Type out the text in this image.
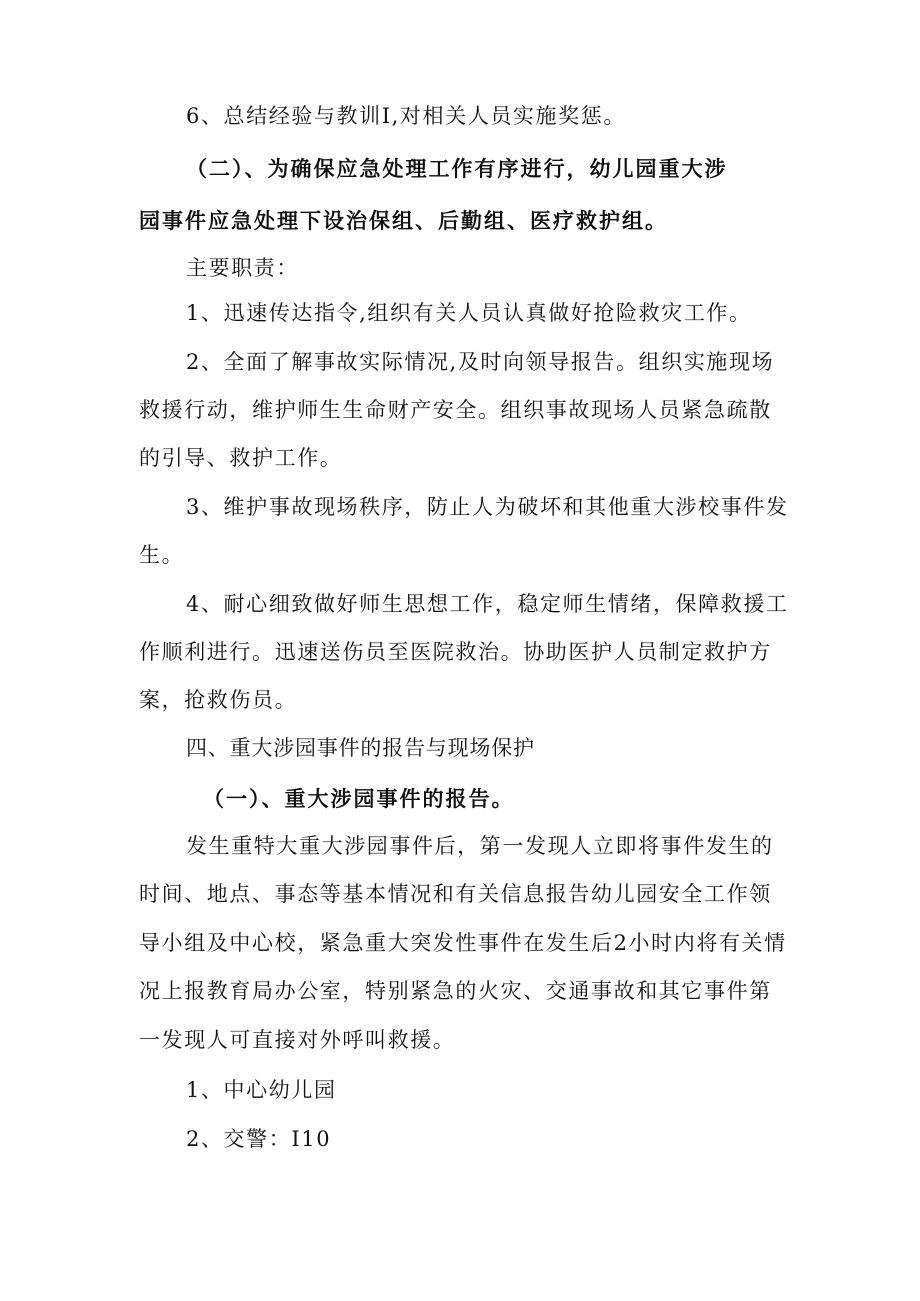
6、总结经验与教训I,对相关人员实施奖惩。
（二）、为确保应急处理工作有序进行，幼儿园重大涉
园事件应急处理下设治保组、后勤组、医疗救护组。
主要职责：
1、迅速传达指令,组织有关人员认真做好抢险救灾工作。
2、全面了解事故实际情况,及时向领导报告。组织实施现场
救援行动，维护师生生命财产安全。组织事故现场人员紧急疏散
的引导、救护工作。
3、维护事故现场秩序，防止人为破坏和其他重大涉校事件发
生。
4、耐心细致做好师生思想工作，稳定师生情绪，保障救援工
作顺利进行。迅速送伤员至医院救治。协助医护人员制定救护方
案，抢救伤员。
四、重大涉园事件的报告与现场保护
（一）、重大涉园事件的报告。
发生重特大重大涉园事件后，第一发现人立即将事件发生的
时间、地点、事态等基本情况和有关信息报告幼儿园安全工作领
导小组及中心校，紧急重大突发性事件在发生后2小时内将有关情
况上报教育局办公室，特别紧急的火灾、交通事故和其它事件第
一发现人可直接对外呼叫救援。
1、中心幼儿园
2、交警：I10
